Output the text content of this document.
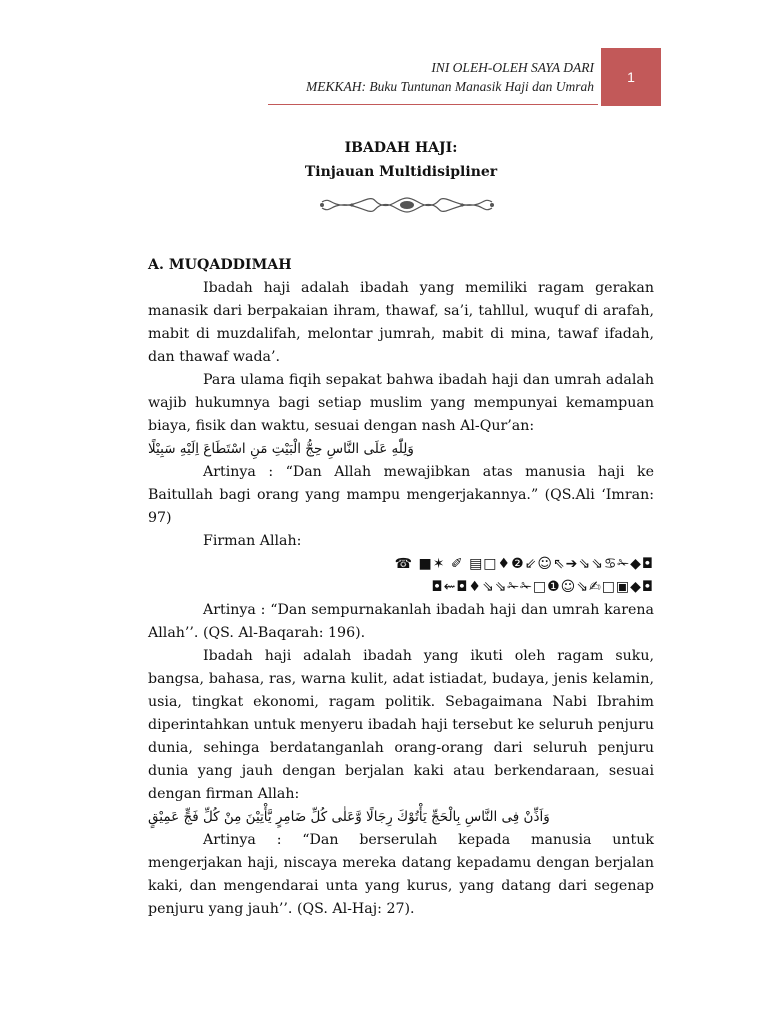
INI OLEH-OLEH SAYA DARI
MEKKAH: Buku Tuntunan Manasik Haji dan Umrah
1
IBADAH HAJI:
Tinjauan Multidisipliner

A. MUQADDIMAH

Ibadah haji adalah ibadah yang memiliki ragam gerakan manasik dari berpakaian ihram, thawaf, sa’i, tahllul, wuquf di arafah, mabit di muzdalifah, melontar jumrah, mabit di mina, tawaf ifadah, dan thawaf wada’.

Para ulama fiqih sepakat bahwa ibadah haji dan umrah adalah wajib hukumnya bagi setiap muslim yang mempunyai kemampuan biaya, fisik dan waktu, sesuai dengan nash Al-Qur’an:

وَلِلّٰهِ عَلَى النَّاسِ حِجُّ الْبَيْتِ مَنِ اسْتَطَاعَ اِلَيْهِ سَبِيْلًا

Artinya : “Dan Allah mewajibkan atas manusia haji ke Baitullah bagi orang yang mampu mengerjakannya.” (QS.Ali ‘Imran: 97)

Firman Allah:

☎ ■✶ ✐ ▤□♦❷⇙☺⇖➔⇘⇘♋✁◆◘

◘⇜◘♦⇘⇘✁✁□❶☺⇘✍□▣◆◘

Artinya : “Dan sempurnakanlah ibadah haji dan umrah karena Allah’’. (QS. Al-Baqarah: 196).

Ibadah haji adalah ibadah yang ikuti oleh ragam suku, bangsa, bahasa, ras, warna kulit, adat istiadat, budaya, jenis kelamin, usia, tingkat ekonomi, ragam politik. Sebagaimana Nabi Ibrahim diperintahkan untuk menyeru ibadah haji tersebut ke seluruh penjuru dunia, sehinga berdatanganlah orang-orang dari seluruh penjuru dunia yang jauh dengan berjalan kaki atau berkendaraan, sesuai dengan firman Allah:

وَاَذِّنْ فِى النَّاسِ بِالْحَجِّ يَأْتُوْكَ رِجَالًا وَّعَلٰى كُلِّ ضَامِرٍ يَّأْتِيْنَ مِنْ كُلِّ فَجٍّ عَمِيْقٍ

Artinya : “Dan berserulah kepada manusia untuk mengerjakan haji, niscaya mereka datang kepadamu dengan berjalan kaki, dan mengendarai unta yang kurus, yang datang dari segenap penjuru yang jauh’’. (QS. Al-Haj: 27).
